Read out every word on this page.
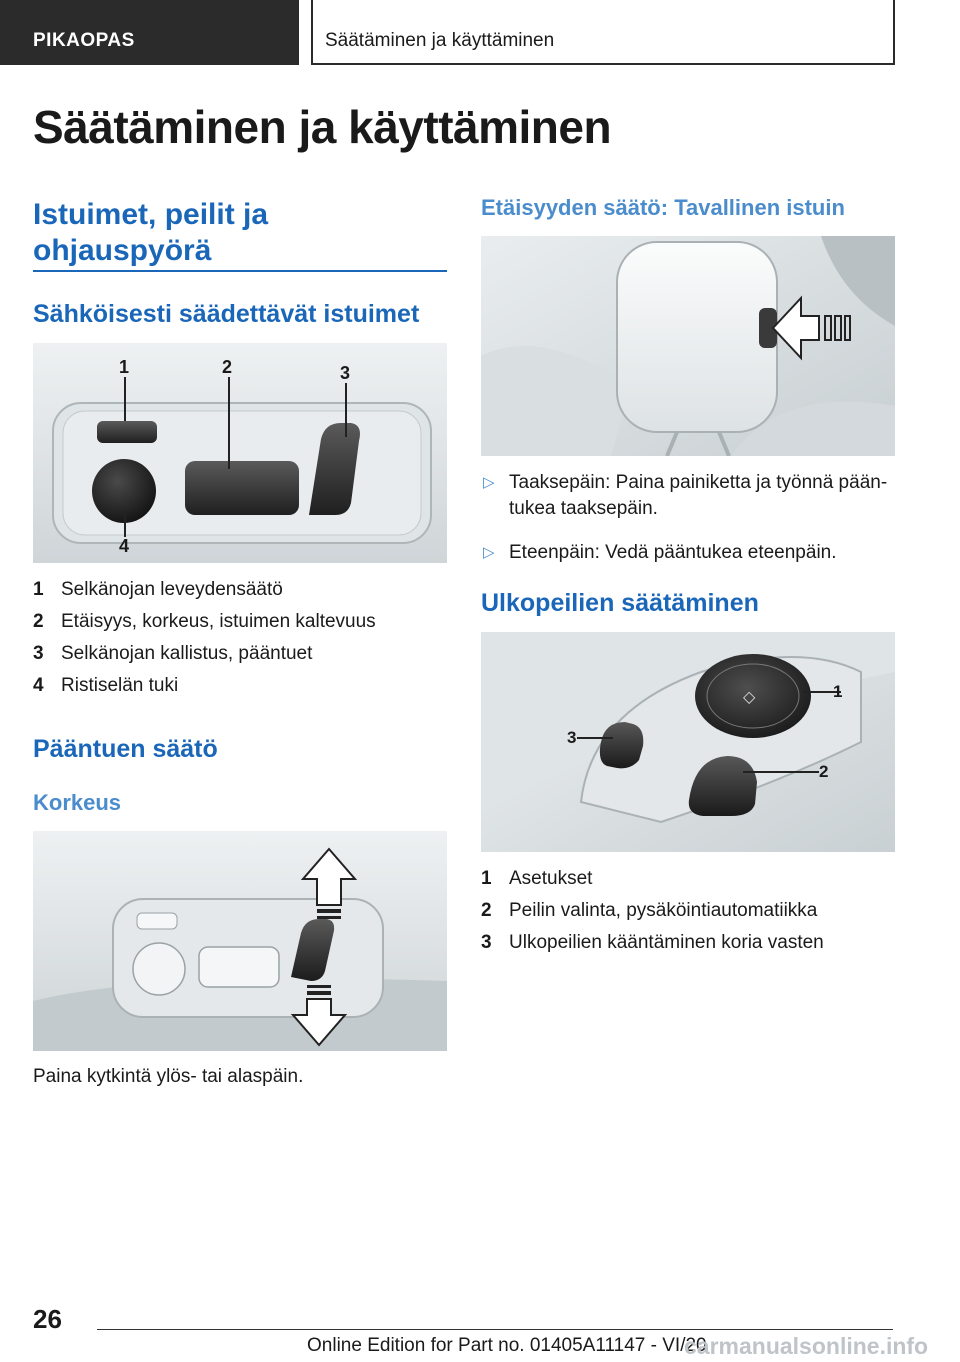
PIKAOPAS	Säätäminen ja käyttäminen
Säätäminen ja käyttäminen
Istuimet, peilit ja ohjauspyörä
Sähköisesti säädettävät istuimet
1	2	3
4
1 Selkänojan leveydensäätö
2 Etäisyys, korkeus, istuimen kaltevuus
3 Selkänojan kallistus, pääntuet
4 Ristiselän tuki
Pääntuen säätö
Korkeus

Paina kytkintä ylös- tai alaspäin.

Etäisyyden säätö: Tavallinen istuin
▷ Taaksepäin: Paina painiketta ja työnnä pääntukea taaksepäin.
▷ Eteenpäin: Vedä pääntukea eteenpäin.
Ulkopeilien säätäminen
◇	1
2
3
1 Asetukset
2 Peilin valinta, pysäköintiautomatiikka
3 Ulkopeilien kääntäminen koria vasten
26
Online Edition for Part no. 01405A11147 - VI/20
carmanualsonline.info
